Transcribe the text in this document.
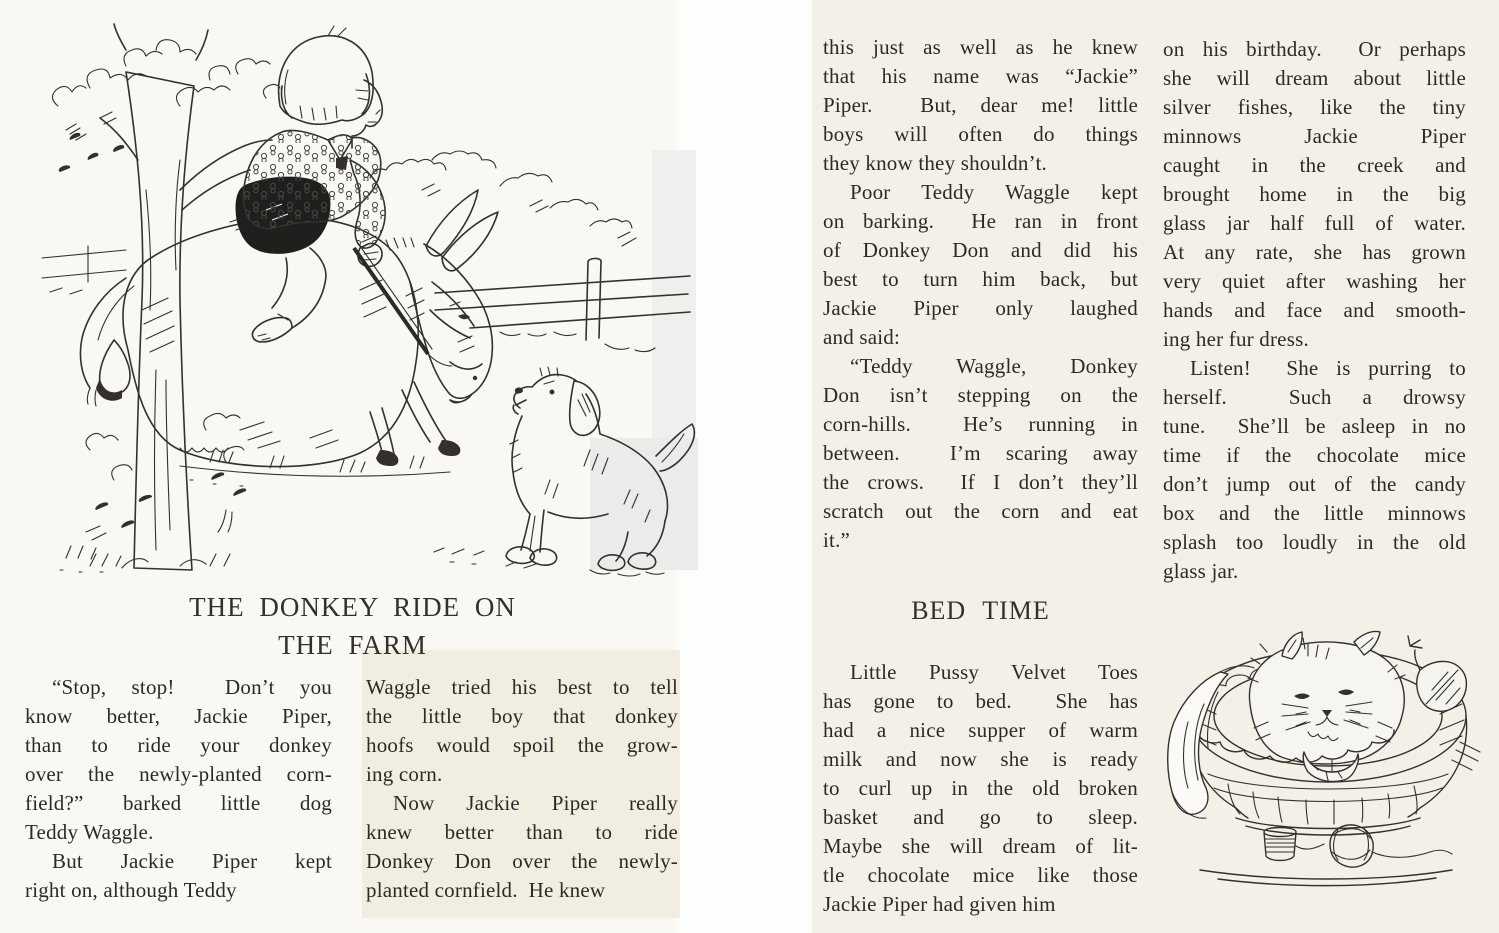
THE DONKEY RIDE ON
THE FARM
“Stop, stop!  Don’t you
know better, Jackie Piper,
than to ride your donkey
over the newly-planted corn-
field?”  barked  little  dog
Teddy Waggle.
But  Jackie  Piper  kept
right on, although Teddy
Waggle tried his best to tell
the little boy that donkey
hoofs would spoil the grow-
ing corn.
Now Jackie Piper really
knew better than to ride
Donkey Don over the newly-
planted cornfield.  He knew
this just as well as he knew
that his name was “Jackie”
Piper.  But, dear me! little
boys will often do things
they know they shouldn’t.
Poor Teddy Waggle kept
on barking.  He ran in front
of Donkey Don and did his
best to turn him back, but
Jackie Piper only laughed
and said:
“Teddy Waggle, Donkey
Don isn’t stepping on the
corn-hills.  He’s running in
between.  I’m scaring away
the crows.  If I don’t they’ll
scratch out the corn and eat
it.”
on his birthday.  Or perhaps
she will dream about little
silver fishes, like the tiny
minnows Jackie Piper
caught in the creek and
brought home in the big
glass jar half full of water.
At any rate, she has grown
very quiet after washing her
hands and face and smooth-
ing her fur dress.
Listen!  She is purring to
herself.  Such a drowsy
tune.  She’ll be asleep in no
time if the chocolate mice
don’t jump out of the candy
box and the little minnows
splash too loudly in the old
glass jar.
BED TIME
Little Pussy Velvet Toes
has gone to bed.  She has
had a nice supper of warm
milk and now she is ready
to curl up in the old broken
basket and go to sleep.
Maybe she will dream of lit-
tle chocolate mice like those
Jackie Piper had given him
